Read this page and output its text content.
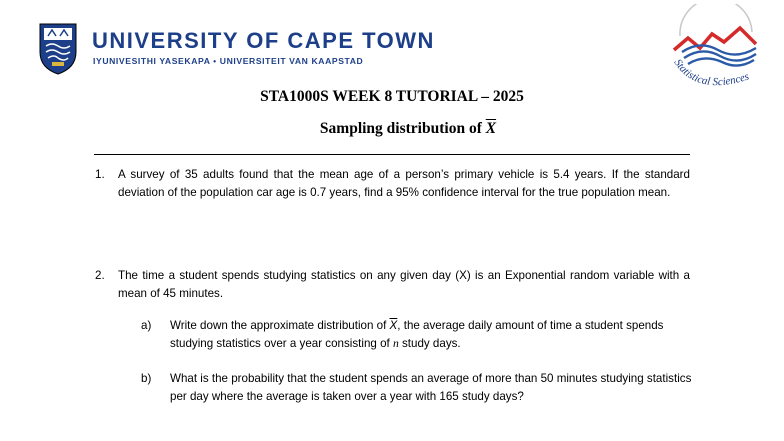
UNIVERSITY OF CAPE TOWN
IYUNIVESITHI YASEKAPA • UNIVERSITEIT VAN KAAPSTAD	Statistical Sciences
STA1000S WEEK 8 TUTORIAL – 2025
Sampling distribution of $\overline{X}$
1. A survey of 35 adults found that the mean age of a person’s primary vehicle is 5.4 years. If the standard deviation of the population car age is 0.7 years, find a 95% confidence interval for the true population mean.
2. The time a student spends studying statistics on any given day (X) is an Exponential random variable with a mean of 45 minutes.
a) Write down the approximate distribution of $\overline{X}$, the average daily amount of time a student spends studying statistics over a year consisting of n study days.
b) What is the probability that the student spends an average of more than 50 minutes studying statistics per day where the average is taken over a year with 165 study days?
